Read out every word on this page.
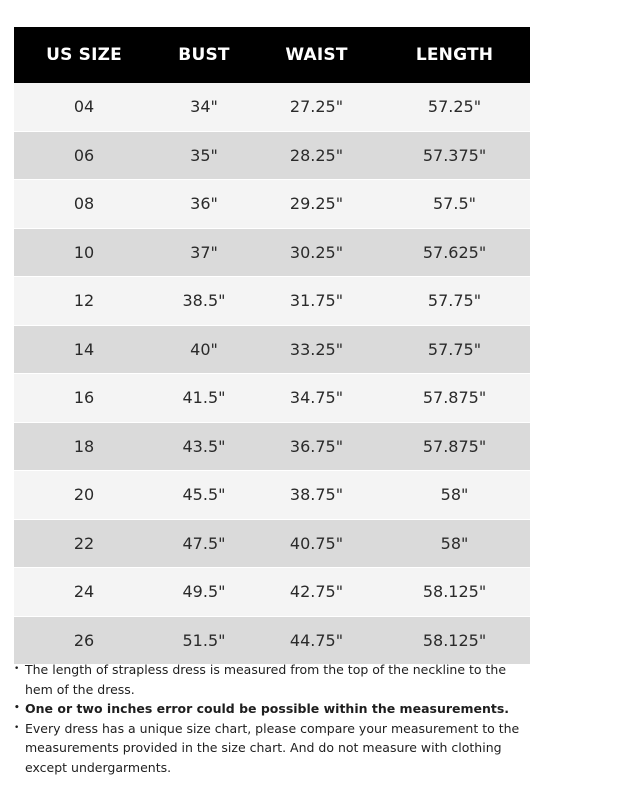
US SIZE	BUST	WAIST	LENGTH
04	34"	27.25"	57.25"
06	35"	28.25"	57.375"
08	36"	29.25"	57.5"
10	37"	30.25"	57.625"
12	38.5"	31.75"	57.75"
14	40"	33.25"	57.75"
16	41.5"	34.75"	57.875"
18	43.5"	36.75"	57.875"
20	45.5"	38.75"	58"
22	47.5"	40.75"	58"
24	49.5"	42.75"	58.125"
26	51.5"	44.75"	58.125"
• The length of strapless dress is measured from the top of the neckline to the hem of the dress.
• One or two inches error could be possible within the measurements.
• Every dress has a unique size chart, please compare your measurement to the measurements provided in the size chart. And do not measure with clothing except undergarments.
